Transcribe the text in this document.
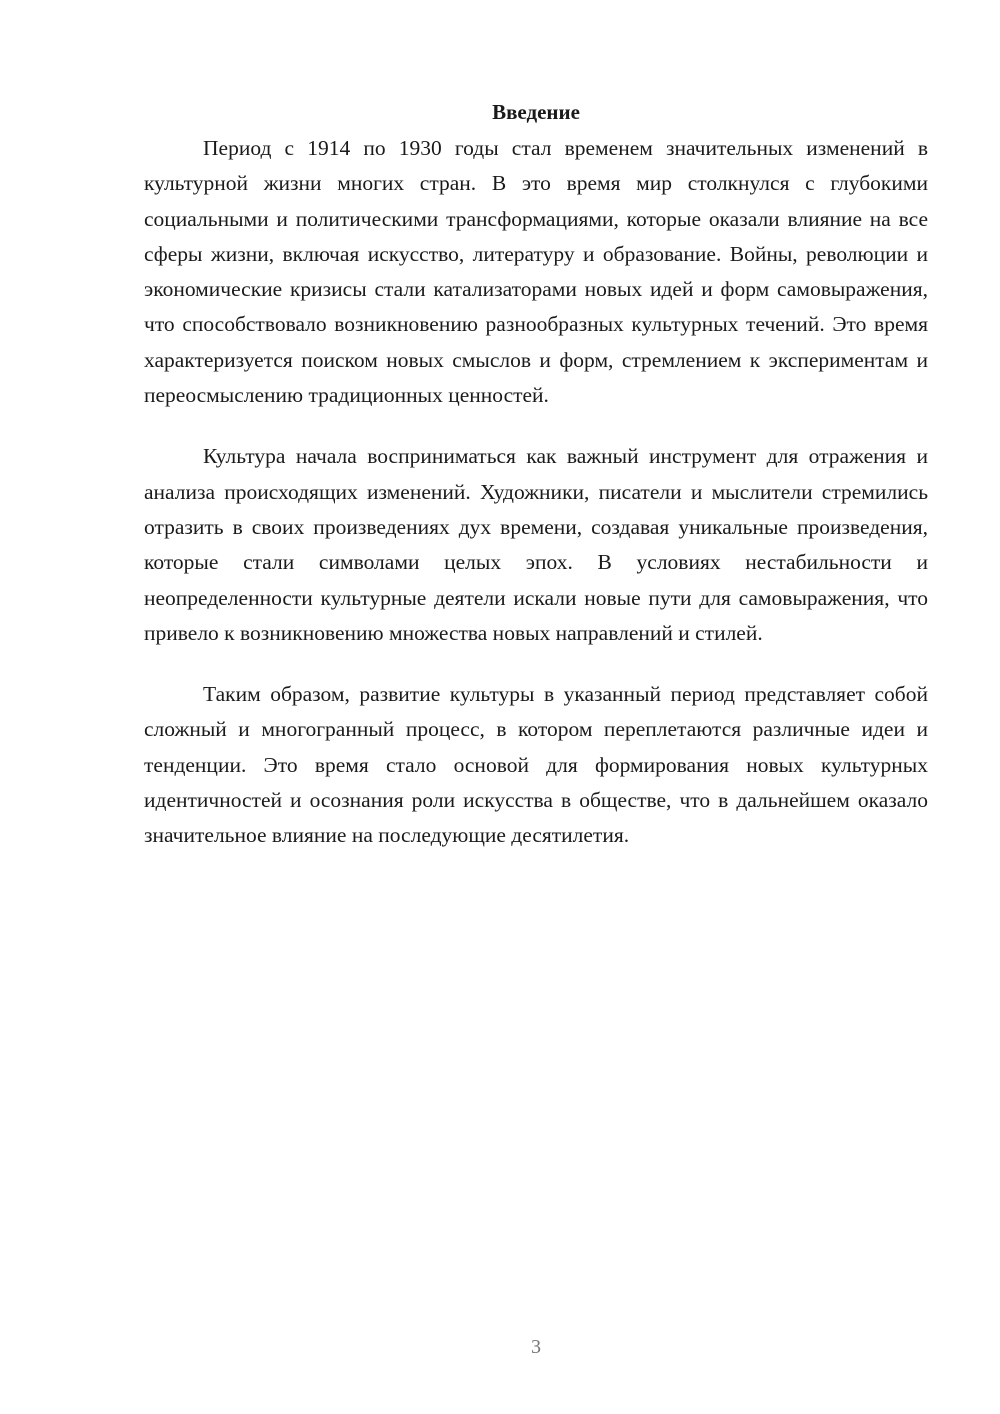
Введение

Период с 1914 по 1930 годы стал временем значительных изменений в культурной жизни многих стран. В это время мир столкнулся с глубокими социальными и политическими трансформациями, которые оказали влияние на все сферы жизни, включая искусство, литературу и образование. Войны, революции и экономические кризисы стали катализаторами новых идей и форм самовыражения, что способствовало возникновению разнообразных культурных течений. Это время характеризуется поиском новых смыслов и форм, стремлением к экспериментам и переосмыслению традиционных ценностей.

Культура начала восприниматься как важный инструмент для отражения и анализа происходящих изменений. Художники, писатели и мыслители стремились отразить в своих произведениях дух времени, создавая уникальные произведения, которые стали символами целых эпох. В условиях нестабильности и неопределенности культурные деятели искали новые пути для самовыражения, что привело к возникновению множества новых направлений и стилей.

Таким образом, развитие культуры в указанный период представляет собой сложный и многогранный процесс, в котором переплетаются различные идеи и тенденции. Это время стало основой для формирования новых культурных идентичностей и осознания роли искусства в обществе, что в дальнейшем оказало значительное влияние на последующие десятилетия.

3
